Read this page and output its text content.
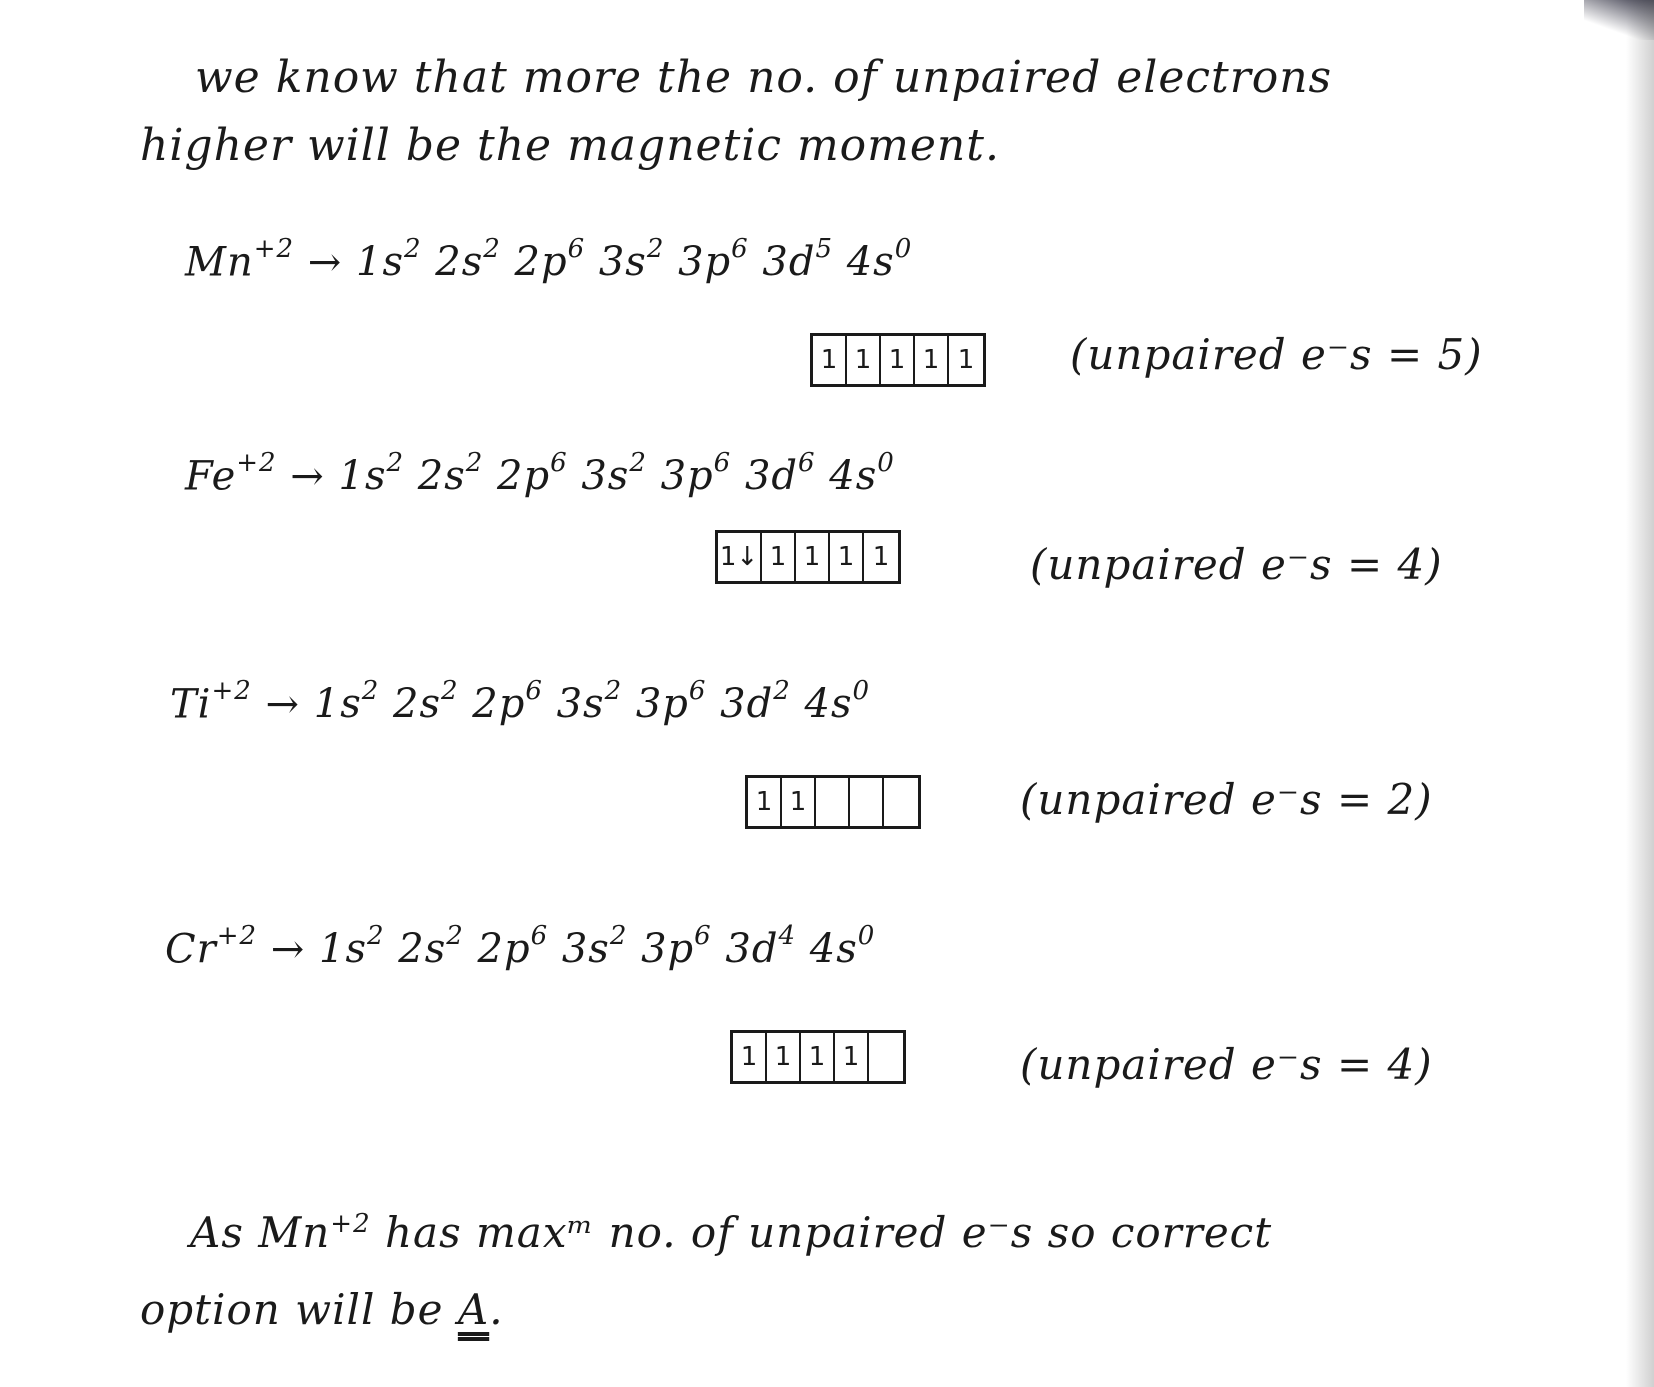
we know that more the no. of unpaired electrons
higher will be the magnetic moment.
$Mn^{+2} \to 1s^2$ $2s^2$ $2p^6$ $3s^2$ $3p^6$ $3d^5$ $4s^0$
1 1 1 1 1 (unpaired e⁻s = 5)
$Fe^{+2} \to 1s^2$ $2s^2$ $2p^6$ $3s^2$ $3p^6$ $3d^6$ $4s^0$
1↓ 1 1 1 1	(unpaired e⁻s = 4)
$Ti^{+2} \to 1s^2$ $2s^2$ $2p^6$ $3s^2$ $3p^6$ $3d^2$ $4s^0$
1 1	(unpaired e⁻s = 2)
$Cr^{+2} \to 1s^2$ $2s^2$ $2p^6$ $3s^2$ $3p^6$ $3d^4$ $4s^0$
1 1 1 1	(unpaired e⁻s = 4)
As $Mn^{+2}$ has maxᵐ no. of unpaired e⁻s so correct
option will be A.
